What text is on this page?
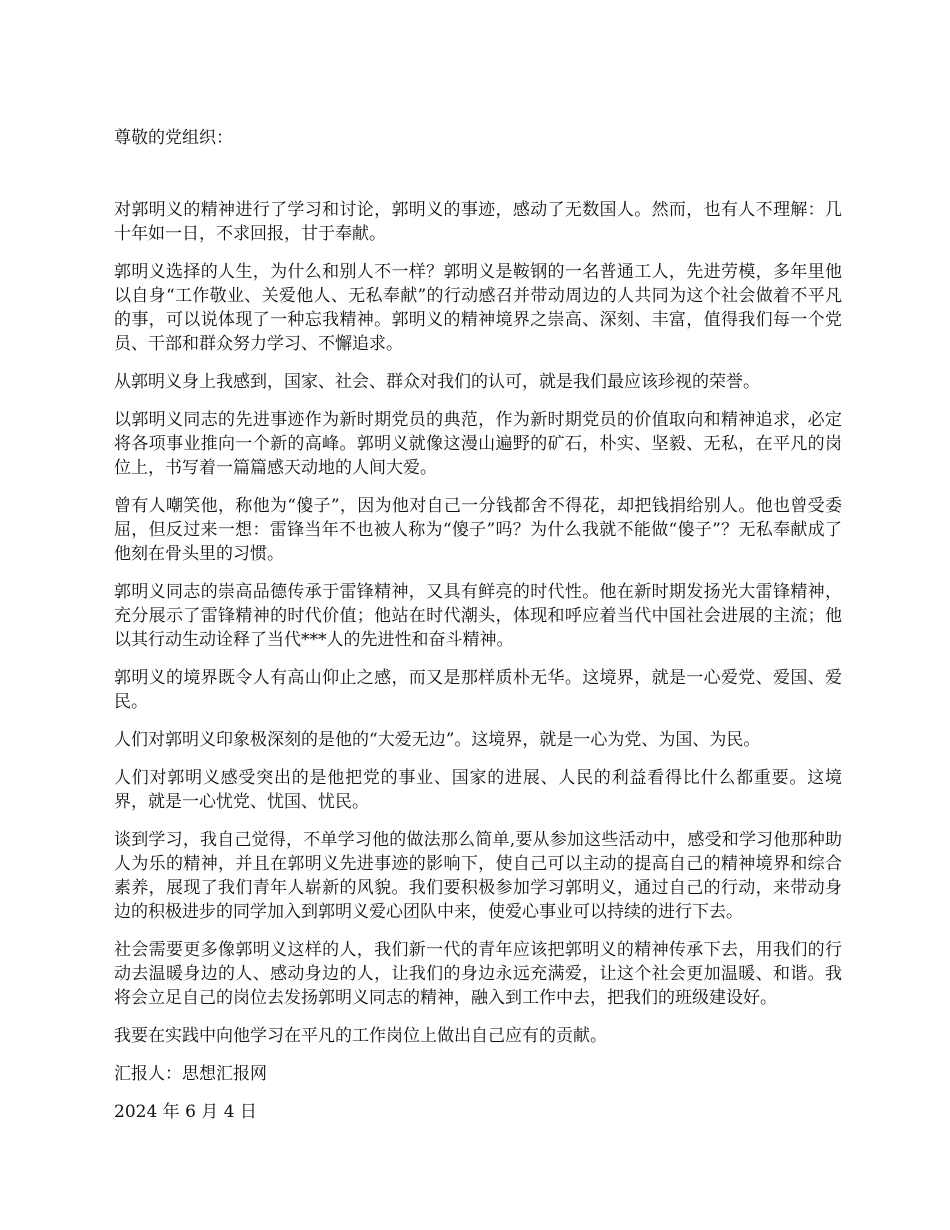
尊敬的党组织：

对郭明义的精神进行了学习和讨论，郭明义的事迹，感动了无数国人。然而，也有人不理解：几十年如一日，不求回报，甘于奉献。

郭明义选择的人生，为什么和别人不一样？郭明义是鞍钢的一名普通工人，先进劳模，多年里他以自身“工作敬业、关爱他人、无私奉献”的行动感召并带动周边的人共同为这个社会做着不平凡的事，可以说体现了一种忘我精神。郭明义的精神境界之崇高、深刻、丰富，值得我们每一个党员、干部和群众努力学习、不懈追求。

从郭明义身上我感到，国家、社会、群众对我们的认可，就是我们最应该珍视的荣誉。

以郭明义同志的先进事迹作为新时期党员的典范，作为新时期党员的价值取向和精神追求，必定将各项事业推向一个新的高峰。郭明义就像这漫山遍野的矿石，朴实、坚毅、无私，在平凡的岗位上，书写着一篇篇感天动地的人间大爱。

曾有人嘲笑他，称他为“傻子”，因为他对自己一分钱都舍不得花，却把钱捐给别人。他也曾受委屈，但反过来一想：雷锋当年不也被人称为“傻子”吗？为什么我就不能做“傻子”？无私奉献成了他刻在骨头里的习惯。

郭明义同志的崇高品德传承于雷锋精神，又具有鲜亮的时代性。他在新时期发扬光大雷锋精神，充分展示了雷锋精神的时代价值；他站在时代潮头，体现和呼应着当代中国社会进展的主流；他以其行动生动诠释了当代***人的先进性和奋斗精神。

郭明义的境界既令人有高山仰止之感，而又是那样质朴无华。这境界，就是一心爱党、爱国、爱民。

人们对郭明义印象极深刻的是他的“大爱无边”。这境界，就是一心为党、为国、为民。

人们对郭明义感受突出的是他把党的事业、国家的进展、人民的利益看得比什么都重要。这境界，就是一心忧党、忧国、忧民。

谈到学习，我自己觉得，不单学习他的做法那么简单,要从参加这些活动中，感受和学习他那种助人为乐的精神，并且在郭明义先进事迹的影响下，使自己可以主动的提高自己的精神境界和综合素养，展现了我们青年人崭新的风貌。我们要积极参加学习郭明义，通过自己的行动，来带动身边的积极进步的同学加入到郭明义爱心团队中来，使爱心事业可以持续的进行下去。

社会需要更多像郭明义这样的人，我们新一代的青年应该把郭明义的精神传承下去，用我们的行动去温暖身边的人、感动身边的人，让我们的身边永远充满爱，让这个社会更加温暖、和谐。我将会立足自己的岗位去发扬郭明义同志的精神，融入到工作中去，把我们的班级建设好。

我要在实践中向他学习在平凡的工作岗位上做出自己应有的贡献。

汇报人：思想汇报网

2024 年 6 月 4 日
